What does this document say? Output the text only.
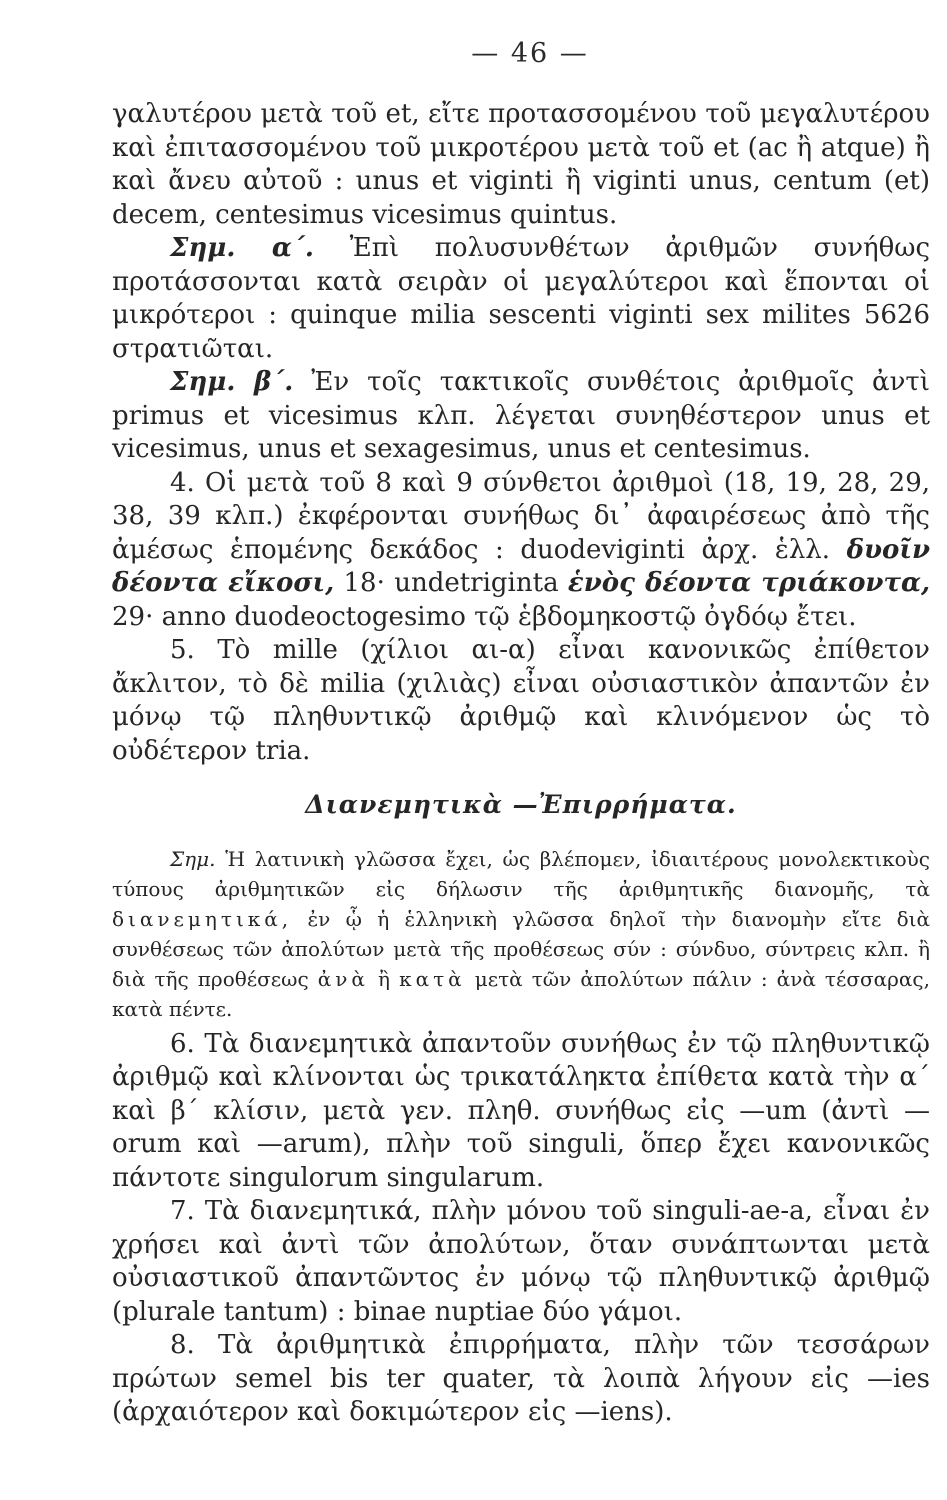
— 46 —

γαλυτέρου μετὰ τοῦ et, εἴτε προτασσομένου τοῦ μεγαλυτέρου καὶ ἐπιτασσομένου τοῦ μικροτέρου μετὰ τοῦ et (ac ἢ atque) ἢ καὶ ἄνευ αὐτοῦ : unus et viginti ἢ viginti unus, centum (et) decem, centesimus vicesimus quintus.

Σημ. α΄. Ἐπὶ πολυσυνθέτων ἀριθμῶν συνήθως προτάσσονται κατὰ σειρὰν οἱ μεγαλύτεροι καὶ ἕπονται οἱ μικρότεροι : quinque milia sescenti viginti sex milites 5626 στρατιῶται.

Σημ. β΄. Ἐν τοῖς τακτικοῖς συνθέτοις ἀριθμοῖς ἀντὶ primus et vicesimus κλπ. λέγεται συνηθέστερον unus et vicesimus, unus et sexagesimus, unus et centesimus.

4. Οἱ μετὰ τοῦ 8 καὶ 9 σύνθετοι ἀριθμοὶ (18, 19, 28, 29, 38, 39 κλπ.) ἐκφέρονται συνήθως δι᾽ ἀφαιρέσεως ἀπὸ τῆς ἀμέσως ἑπομένης δεκάδος : duodeviginti ἀρχ. ἑλλ. δυοῖν δέοντα εἴκοσι, 18· undetriginta ἑνὸς δέοντα τριάκοντα, 29· anno duodeoctogesimo τῷ ἑβδομηκοστῷ ὀγδόῳ ἔτει.

5. Τὸ mille (χίλιοι αι-α) εἶναι κανονικῶς ἐπίθετον ἄκλιτον, τὸ δὲ milia (χιλιὰς) εἶναι οὐσιαστικὸν ἀπαντῶν ἐν μόνῳ τῷ πληθυντικῷ ἀριθμῷ καὶ κλινόμενον ὡς τὸ οὐδέτερον tria.

Διανεμητικὰ —Ἐπιρρήματα.

Σημ. Ἡ λατινικὴ γλῶσσα ἔχει, ὡς βλέπομεν, ἰδιαιτέρους μονολεκτικοὺς τύπους ἀριθμητικῶν εἰς δήλωσιν τῆς ἀριθμητικῆς διανομῆς, τὰ διανεμητικά, ἐν ᾧ ἡ ἑλληνικὴ γλῶσσα δηλοῖ τὴν διανομὴν εἴτε διὰ συνθέσεως τῶν ἀπολύτων μετὰ τῆς προθέσεως σύν : σύνδυο, σύντρεις κλπ. ἢ διὰ τῆς προθέσεως ἀνὰ ἢ κατὰ μετὰ τῶν ἀπολύτων πάλιν : ἀνὰ τέσσαρας, κατὰ πέντε.

6. Τὰ διανεμητικὰ ἀπαντοῦν συνήθως ἐν τῷ πληθυντικῷ ἀριθμῷ καὶ κλίνονται ὡς τρικατάληκτα ἐπίθετα κατὰ τὴν α΄ καὶ β΄ κλίσιν, μετὰ γεν. πληθ. συνήθως εἰς —um (ἀντὶ —orum καὶ —arum), πλὴν τοῦ singuli, ὅπερ ἔχει κανονικῶς πάντοτε singulorum singularum.

7. Τὰ διανεμητικά, πλὴν μόνου τοῦ singuli-ae-a, εἶναι ἐν χρήσει καὶ ἀντὶ τῶν ἀπολύτων, ὅταν συνάπτωνται μετὰ οὐσιαστικοῦ ἀπαντῶντος ἐν μόνῳ τῷ πληθυντικῷ ἀριθμῷ (plurale tantum) : binae nuptiae δύο γάμοι.

8. Τὰ ἀριθμητικὰ ἐπιρρήματα, πλὴν τῶν τεσσάρων πρώτων semel bis ter quater, τὰ λοιπὰ λήγουν εἰς —ies (ἀρχαιότερον καὶ δοκιμώτερον εἰς —iens).
